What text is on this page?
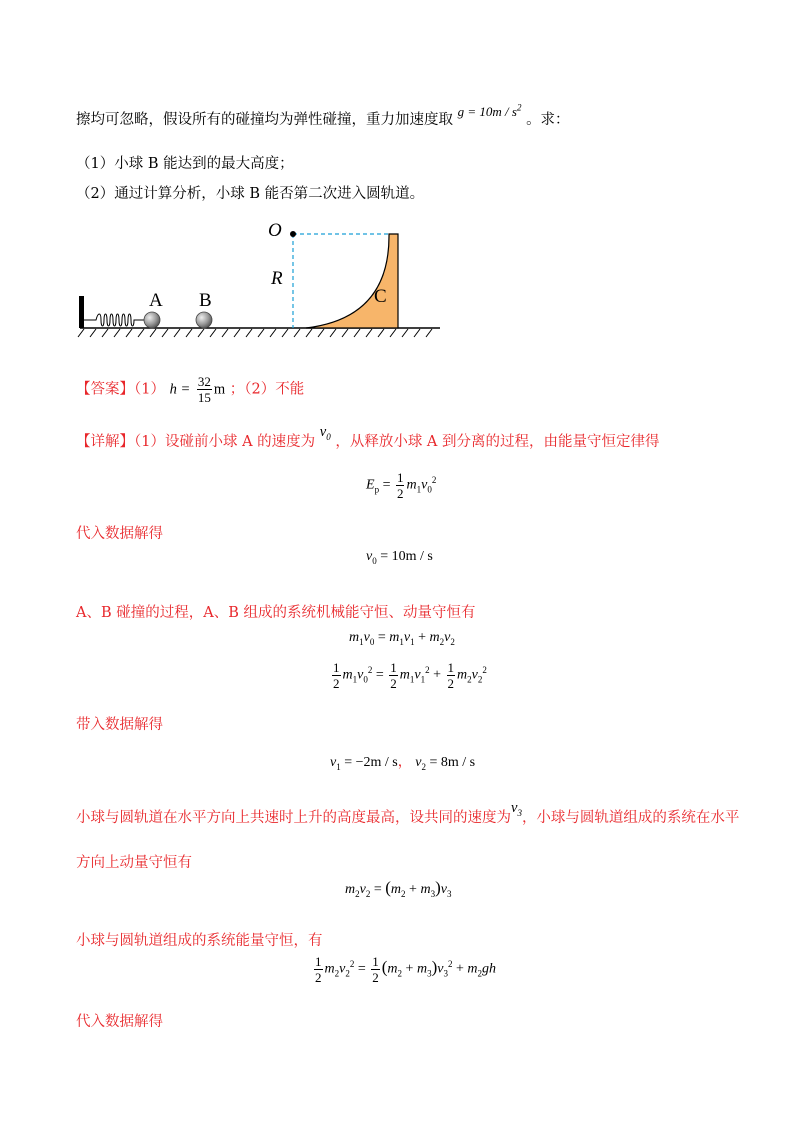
擦均可忽略，假设所有的碰撞均为弹性碰撞，重力加速度取 $g = 10m / s^2$ 。求：
（1）小球 B 能达到的最大高度；
（2）通过计算分析，小球 B 能否第二次进入圆轨道。
O
R
A B	C
【答案】（1） $h = \frac{32}{15}$ m ；（2）不能
【详解】（1）设碰前小球 A 的速度为 $v_0$ ，从释放小球 A 到分离的过程，由能量守恒定律得
$E_p = \frac{1}{2} m_1v_0^2$
代入数据解得
$v_0 = 10m / s$
A、B 碰撞的过程，A、B 组成的系统机械能守恒、动量守恒有
$m_1v_0 = m_1v_1 + m_2v_2$
$\frac{1}{2} m_1v_0^2 = \frac{1}{2} m_1v_1^2 + \frac{1}{2} m_2v_2^2$
带入数据解得
$v_1 = -2m / s$， $v_2 = 8m / s$
小球与圆轨道在水平方向上共速时上升的高度最高，设共同的速度为$v_3$，小球与圆轨道组成的系统在水平
方向上动量守恒有
$m_2v_2 = (m_2 + m_3)v_3$
小球与圆轨道组成的系统能量守恒，有
$\frac{1}{2} m_2v_2^2 = \frac{1}{2} (m_2 + m_3)v_3^2 + m_2gh$
代入数据解得
